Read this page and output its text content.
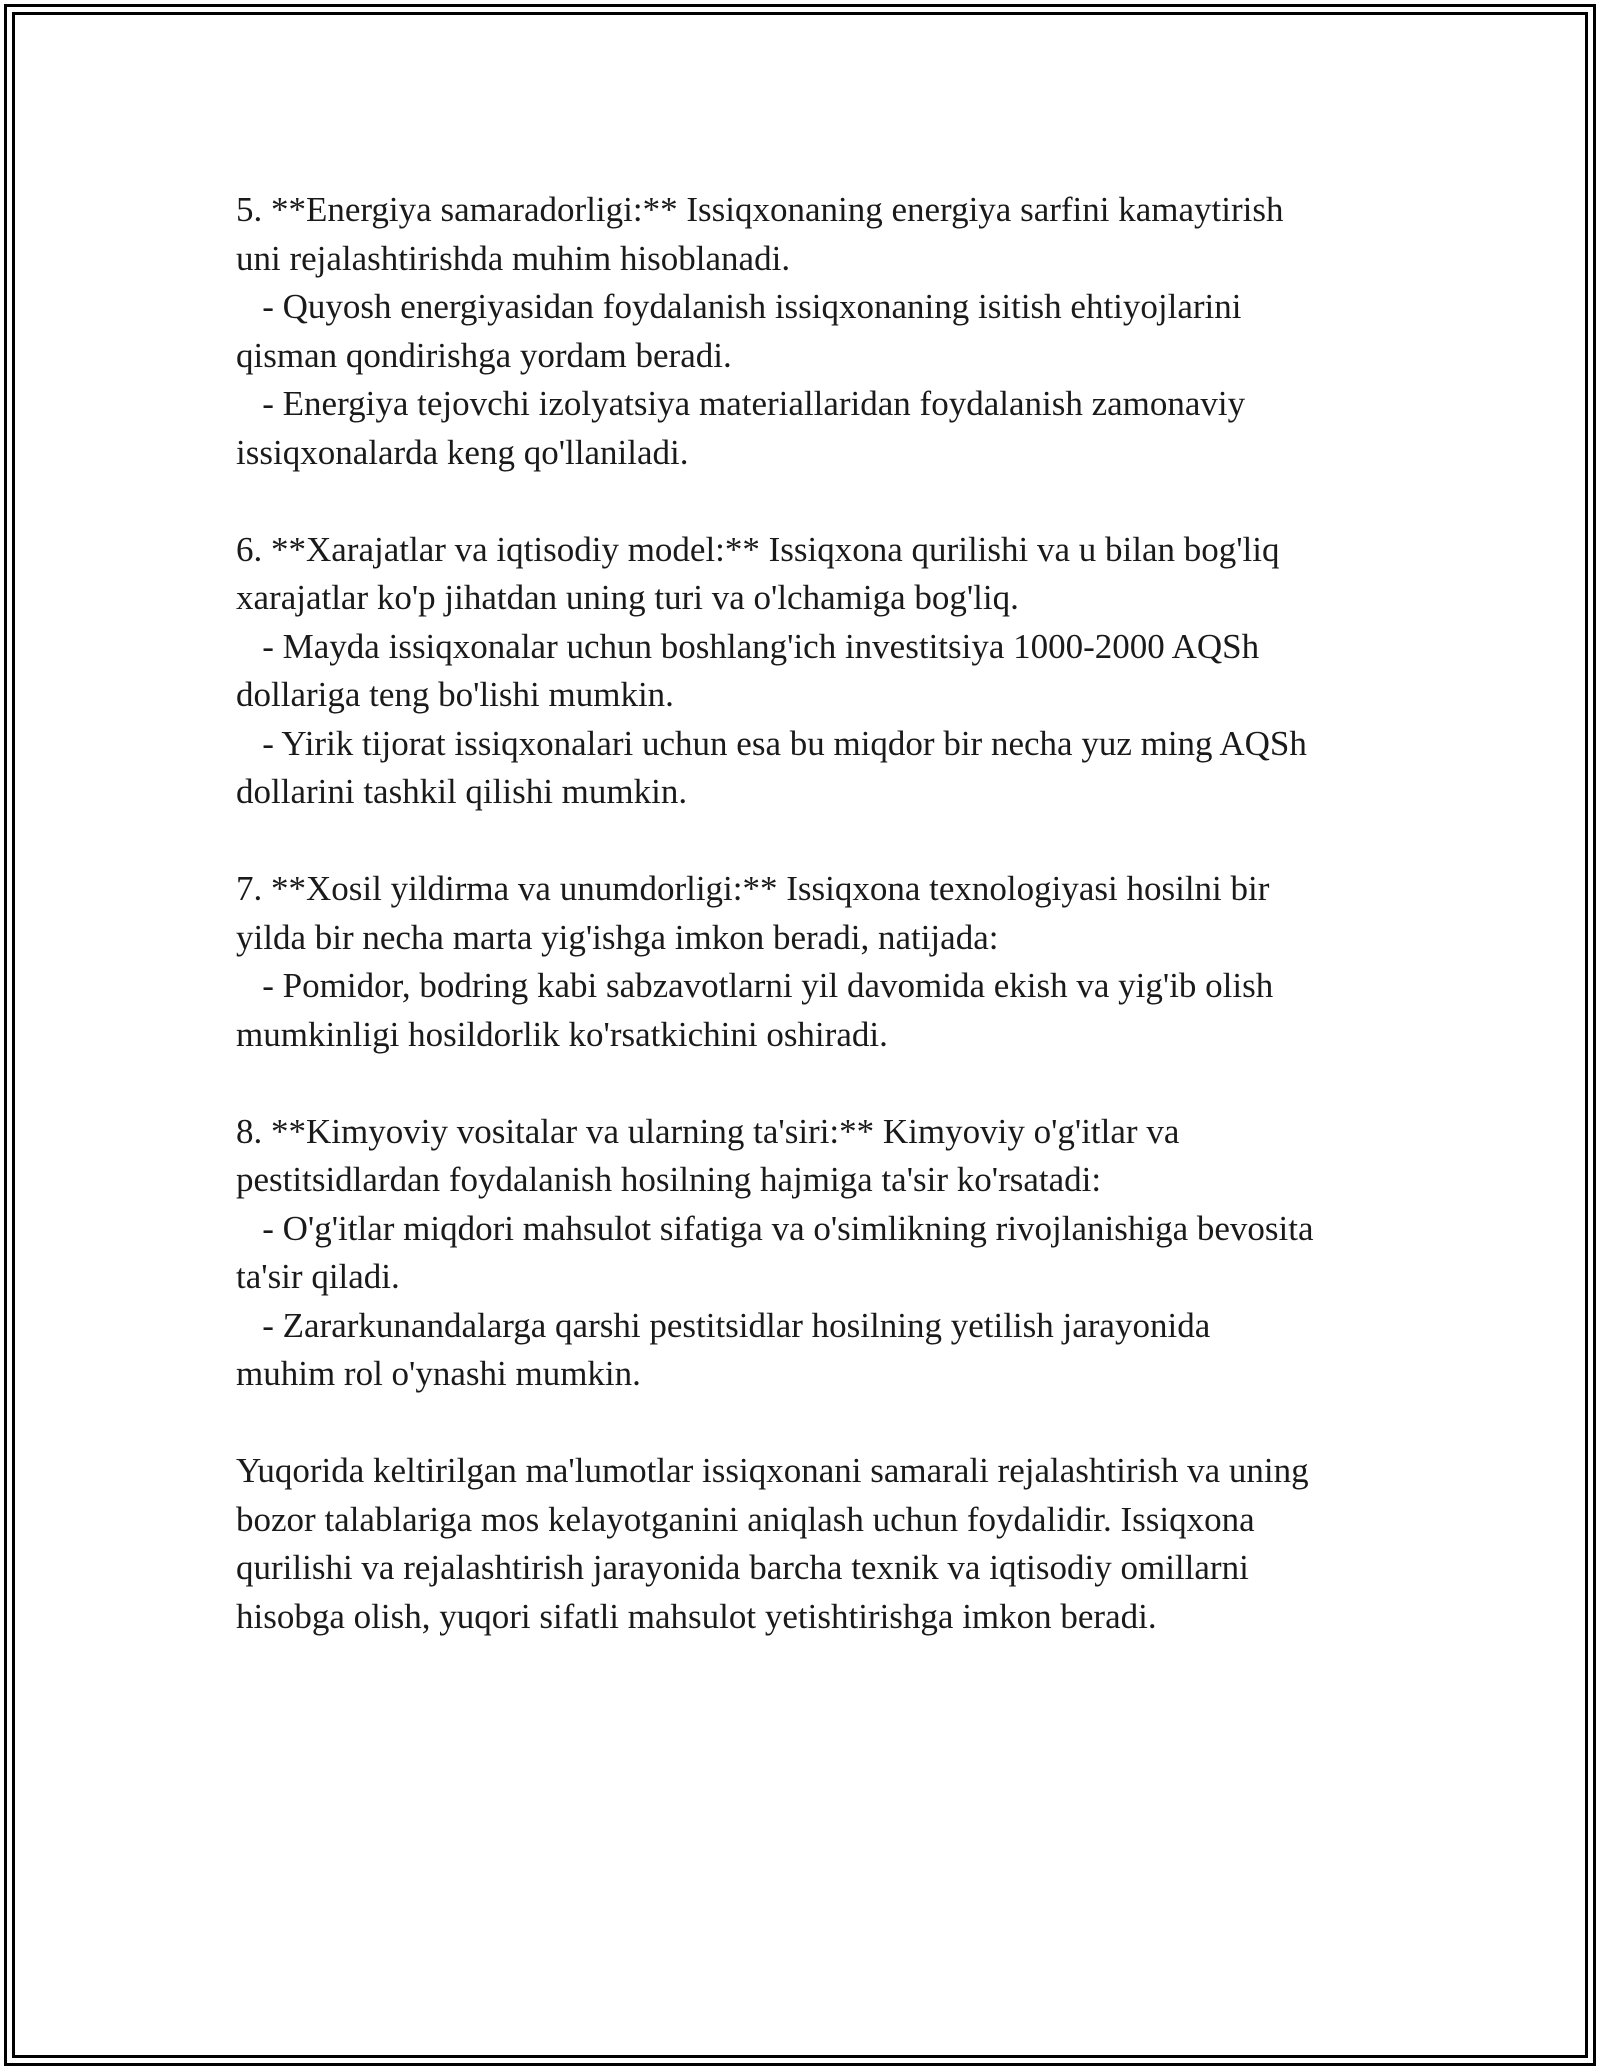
5. **Energiya samaradorligi:** Issiqxonaning energiya sarfini kamaytirish
uni rejalashtirishda muhim hisoblanadi.
- Quyosh energiyasidan foydalanish issiqxonaning isitish ehtiyojlarini
qisman qondirishga yordam beradi.
- Energiya tejovchi izolyatsiya materiallaridan foydalanish zamonaviy
issiqxonalarda keng qo'llaniladi.
6. **Xarajatlar va iqtisodiy model:** Issiqxona qurilishi va u bilan bog'liq
xarajatlar ko'p jihatdan uning turi va o'lchamiga bog'liq.
- Mayda issiqxonalar uchun boshlang'ich investitsiya 1000-2000 AQSh
dollariga teng bo'lishi mumkin.
- Yirik tijorat issiqxonalari uchun esa bu miqdor bir necha yuz ming AQSh
dollarini tashkil qilishi mumkin.
7. **Xosil yildirma va unumdorligi:** Issiqxona texnologiyasi hosilni bir
yilda bir necha marta yig'ishga imkon beradi, natijada:
- Pomidor, bodring kabi sabzavotlarni yil davomida ekish va yig'ib olish
mumkinligi hosildorlik ko'rsatkichini oshiradi.
8. **Kimyoviy vositalar va ularning ta'siri:** Kimyoviy o'g'itlar va
pestitsidlardan foydalanish hosilning hajmiga ta'sir ko'rsatadi:
- O'g'itlar miqdori mahsulot sifatiga va o'simlikning rivojlanishiga bevosita
ta'sir qiladi.
- Zararkunandalarga qarshi pestitsidlar hosilning yetilish jarayonida
muhim rol o'ynashi mumkin.
Yuqorida keltirilgan ma'lumotlar issiqxonani samarali rejalashtirish va uning
bozor talablariga mos kelayotganini aniqlash uchun foydalidir. Issiqxona
qurilishi va rejalashtirish jarayonida barcha texnik va iqtisodiy omillarni
hisobga olish, yuqori sifatli mahsulot yetishtirishga imkon beradi.
